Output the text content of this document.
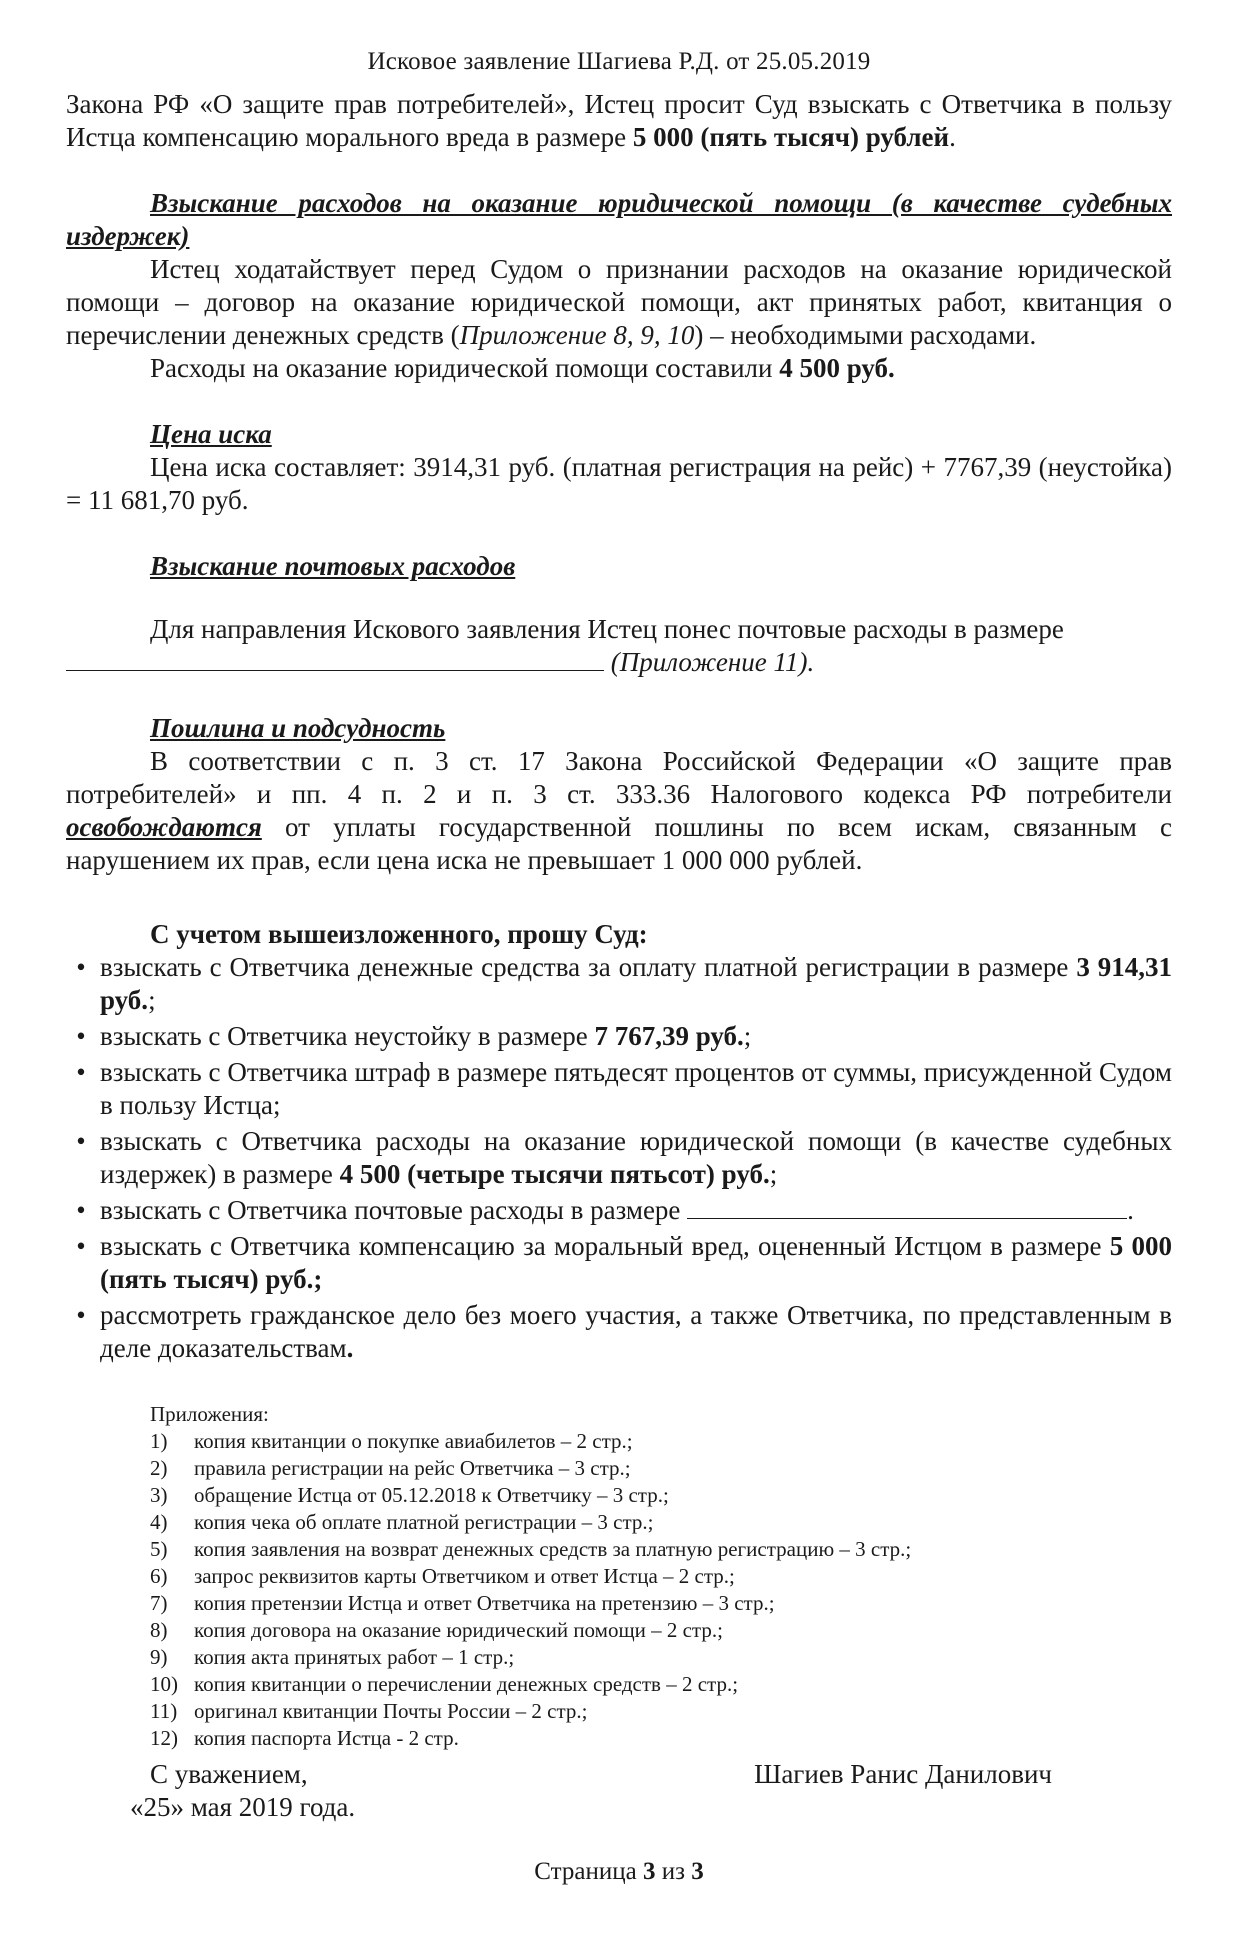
Исковое заявление Шагиева Р.Д. от 25.05.2019

Закона РФ «О защите прав потребителей», Истец просит Суд взыскать с Ответчика в пользу Истца компенсацию морального вреда в размере 5 000 (пять тысяч) рублей.

Взыскание расходов на оказание юридической помощи (в качестве судебных издержек)

Истец ходатайствует перед Судом о признании расходов на оказание юридической помощи – договор на оказание юридической помощи, акт принятых работ, квитанция о перечислении денежных средств (Приложение 8, 9, 10) – необходимыми расходами.

Расходы на оказание юридической помощи составили 4 500 руб.

Цена иска

Цена иска составляет: 3914,31 руб. (платная регистрация на рейс) + 7767,39 (неустойка) = 11 681,70 руб.

Взыскание почтовых расходов

Для направления Искового заявления Истец понес почтовые расходы в размере

(Приложение 11).

Пошлина и подсудность

В соответствии с п. 3 ст. 17 Закона Российской Федерации «О защите прав потребителей» и пп. 4 п. 2 и п. 3 ст. 333.36 Налогового кодекса РФ потребители освобождаются от уплаты государственной пошлины по всем искам, связанным с нарушением их прав, если цена иска не превышает 1 000 000 рублей.

С учетом вышеизложенного, прошу Суд:

• взыскать с Ответчика денежные средства за оплату платной регистрации в размере 3 914,31 руб.;
• взыскать с Ответчика неустойку в размере 7 767,39 руб.;
• взыскать с Ответчика штраф в размере пятьдесят процентов от суммы, присужденной Судом в пользу Истца;
• взыскать с Ответчика расходы на оказание юридической помощи (в качестве судебных издержек) в размере 4 500 (четыре тысячи пятьсот) руб.;
• взыскать с Ответчика почтовые расходы в размере	.
• взыскать с Ответчика компенсацию за моральный вред, оцененный Истцом в размере 5 000 (пять тысяч) руб.;
• рассмотреть гражданское дело без моего участия, а также Ответчика, по представленным в деле доказательствам.
Приложения:
1)	копия квитанции о покупке авиабилетов – 2 стр.;
2)	правила регистрации на рейс Ответчика – 3 стр.;
3)	обращение Истца от 05.12.2018 к Ответчику – 3 стр.;
4)	копия чека об оплате платной регистрации – 3 стр.;
5)	копия заявления на возврат денежных средств за платную регистрацию – 3 стр.;
6)	запрос реквизитов карты Ответчиком и ответ Истца – 2 стр.;
7)	копия претензии Истца и ответ Ответчика на претензию – 3 стр.;
8)	копия договора на оказание юридический помощи – 2 стр.;
9)	копия акта принятых работ – 1 стр.;
10) копия квитанции о перечислении денежных средств – 2 стр.;
11) оригинал квитанции Почты России – 2 стр.;
12) копия паспорта Истца - 2 стр.
С уважением,	Шагиев Ранис Данилович
«25» мая 2019 года.
Страница 3 из 3
